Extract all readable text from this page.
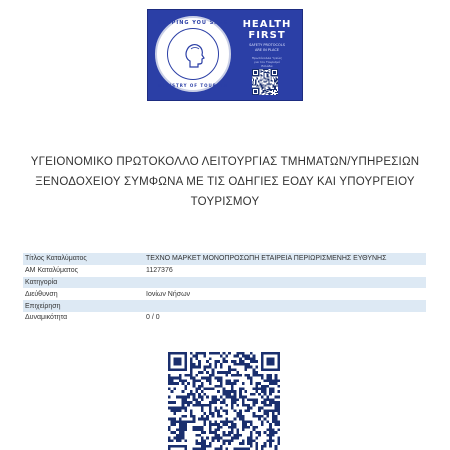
KEEPING YOU SAFE
MINISTRY OF TOURISM
HEALTH
FIRST
SAFETY PROTOCOLS
ARE IN PLACE
Πρωτόκολλα Υγείας
για τον Τουρισμό
Ελλάδα
ΥΓΕΙΟΝΟΜΙΚΟ ΠΡΩΤΟΚΟΛΛΟ ΛΕΙΤΟΥΡΓΙΑΣ ΤΜΗΜΑΤΩΝ/ΥΠΗΡΕΣΙΩΝ
ΞΕΝΟΔΟΧΕΙΟΥ ΣΥΜΦΩΝΑ ΜΕ ΤΙΣ ΟΔΗΓΙΕΣ ΕΟΔΥ ΚΑΙ ΥΠΟΥΡΓΕΙΟΥ
ΤΟΥΡΙΣΜΟΥ
Τίτλος Καταλύματος	ΤΕΧΝΟ ΜΑΡΚΕΤ ΜΟΝΟΠΡΟΣΩΠΗ ΕΤΑΙΡΕΙΑ ΠΕΡΙΩΡΙΣΜΕΝΗΣ ΕΥΘΥΝΗΣ
ΑΜ Καταλύματος	1127376
Κατηγορία	
Διεύθυνση	Ιονίων Νήσων
Επιχείρηση	
Δυναμικότητα	0 / 0
